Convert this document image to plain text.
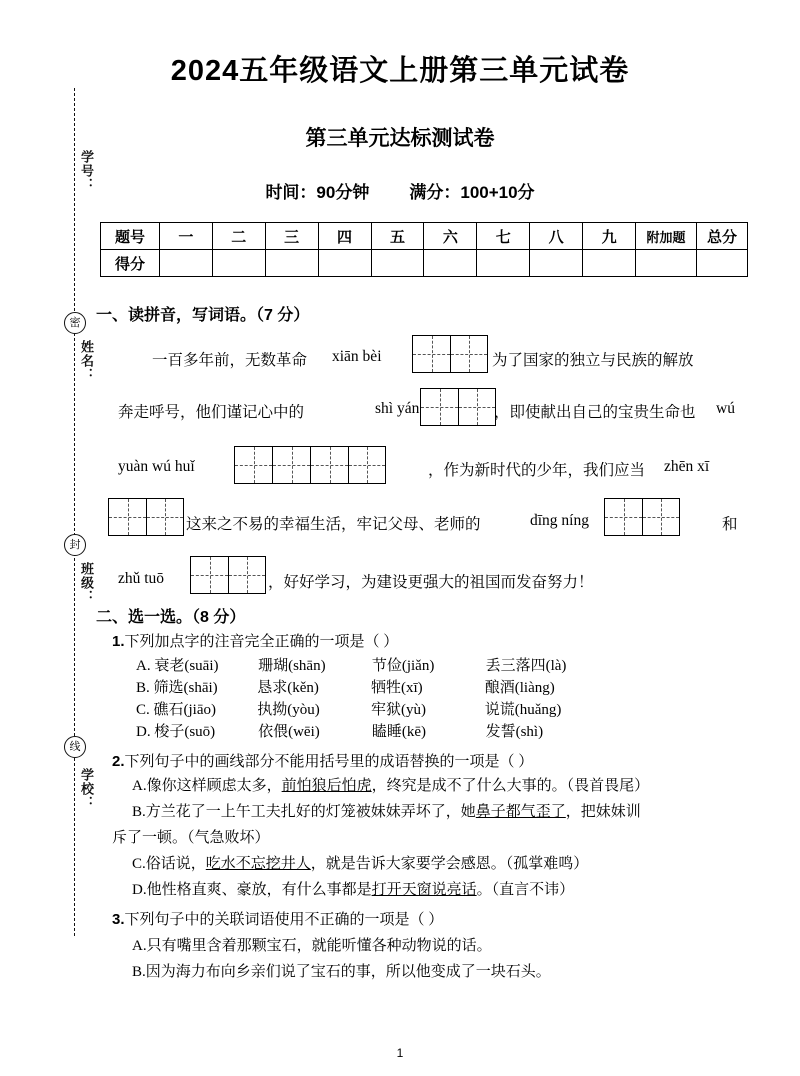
学号：
密
姓名：
封
班级：
线
学校：
2024五年级语文上册第三单元试卷
第三单元达标测试卷
时间：90分钟 满分：100+10分
题号	一	二	三	四	五	六	七	八	九	附加题	总分
得分											
一、读拼音，写词语。（7 分）
一百多年前，无数革命 xiān bèi	为了国家的独立与民族的解放
奔走呼号，他们谨记心中的	shì yán	，即使献出自己的宝贵生命也 wú
yuàn wú huǐ	，作为新时代的少年，我们应当 zhēn xī
这来之不易的幸福生活，牢记父母、老师的	dīng níng	和
zhǔ tuō	，好好学习，为建设更强大的祖国而发奋努力！
二、选一选。（8 分）
1.下列加点字的注音完全正确的一项是（ ）
A. 衰老(suāi)	珊瑚(shān)	节俭(jiǎn)	丢三落四(là)
B. 筛选(shāi)	恳求(kěn)	牺牲(xī)	酿酒(liàng)
C. 礁石(jiāo)	执拗(yòu)	牢狱(yù)	说谎(huǎng)
D. 梭子(suō)	依偎(wēi)	瞌睡(kē)	发誓(shì)
2.下列句子中的画线部分不能用括号里的成语替换的一项是（ ）
A.像你这样顾虑太多，前怕狼后怕虎，终究是成不了什么大事的。（畏首畏尾）
B.方兰花了一上午工夫扎好的灯笼被妹妹弄坏了，她鼻子都气歪了，把妹妹训
斥了一顿。（气急败坏）
C.俗话说，吃水不忘挖井人，就是告诉大家要学会感恩。（孤掌难鸣）
D.他性格直爽、豪放，有什么事都是打开天窗说亮话。（直言不讳）
3.下列句子中的关联词语使用不正确的一项是（ ）
A.只有嘴里含着那颗宝石，就能听懂各种动物说的话。
B.因为海力布向乡亲们说了宝石的事，所以他变成了一块石头。
1
